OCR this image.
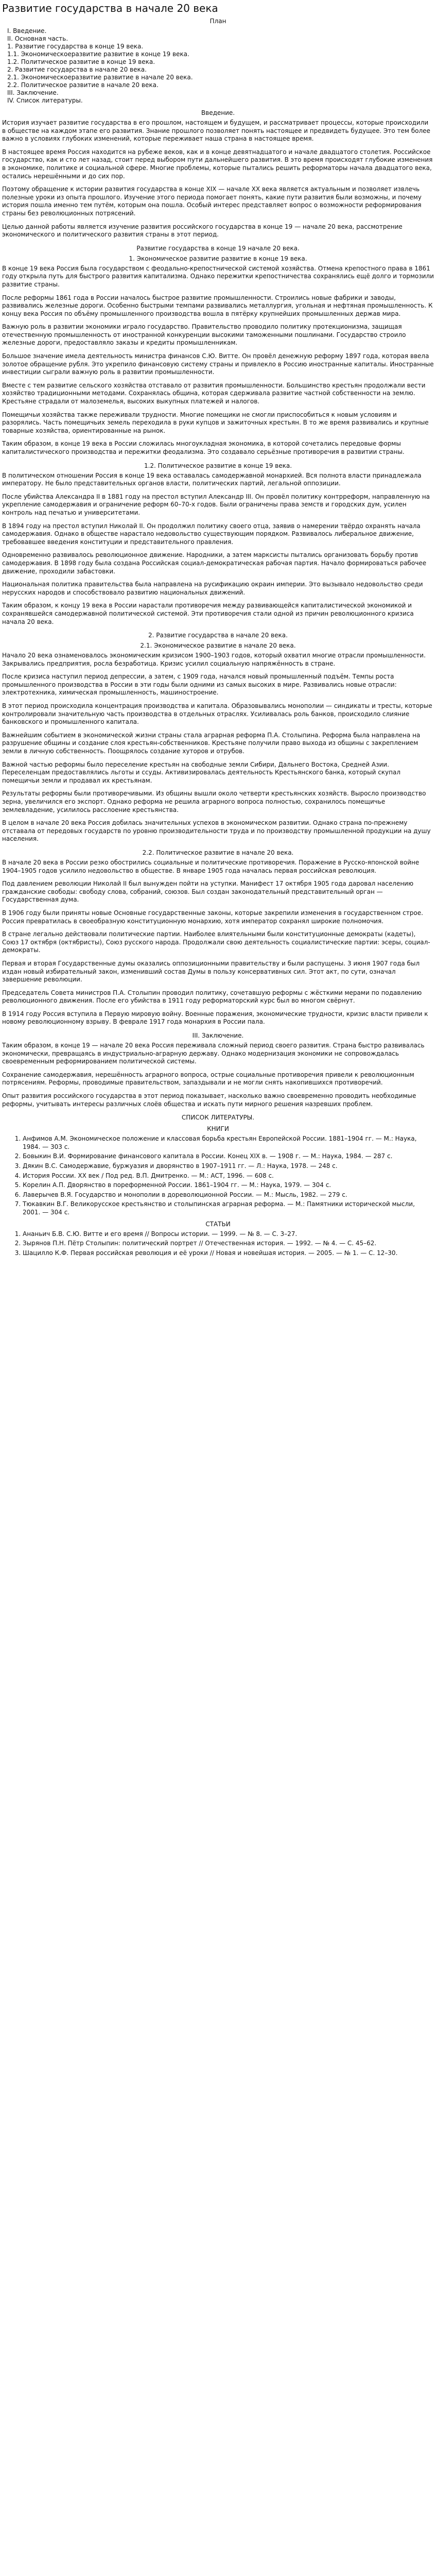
Развитие государства в начале 20 века
План
I. Введение.
II. Основная часть.
1. Развитие государства в конце 19 века.
1.1. Экономическоеразвитие развитие в конце 19 века.
1.2. Политическое развитие в конце 19 века.
2. Развитие государства в начале 20 века.
2.1. Экономическоеразвитие развитие в начале 20 века.
2.2. Политическое развитие в начале 20 века.
III. Заключение.
IV. Список литературы.
Введение.

История изучает развитие государства в его прошлом, настоящем и будущем, и рассматривает процессы, которые происходили в обществе на каждом этапе его развития. Знание прошлого позволяет понять настоящее и предвидеть будущее. Это тем более важно в условиях глубоких изменений, которые переживает наша страна в настоящее время.

В настоящее время Россия находится на рубеже веков, как и в конце девятнадцатого и начале двадцатого столетия. Российское государство, как и сто лет назад, стоит перед выбором пути дальнейшего развития. В это время происходят глубокие изменения в экономике, политике и социальной сфере. Многие проблемы, которые пытались решить реформаторы начала двадцатого века, остались нерешёнными и до сих пор.

Поэтому обращение к истории развития государства в конце XIX — начале XX века является актуальным и позволяет извлечь полезные уроки из опыта прошлого. Изучение этого периода помогает понять, какие пути развития были возможны, и почему история пошла именно тем путём, которым она пошла. Особый интерес представляет вопрос о возможности реформирования страны без революционных потрясений.

Целью данной работы является изучение развития российского государства в конце 19 — начале 20 века, рассмотрение экономического и политического развития страны в этот период.

Развитие государства в конце 19 начале 20 века.
1. Экономическое развитие развитие в конце 19 века.

В конце 19 века Россия была государством с феодально-крепостнической системой хозяйства. Отмена крепостного права в 1861 году открыла путь для быстрого развития капитализма. Однако пережитки крепостничества сохранялись ещё долго и тормозили развитие страны.

После реформы 1861 года в России началось быстрое развитие промышленности. Строились новые фабрики и заводы, развивались железные дороги. Особенно быстрыми темпами развивались металлургия, угольная и нефтяная промышленность. К концу века Россия по объёму промышленного производства вошла в пятёрку крупнейших промышленных держав мира.

Важную роль в развитии экономики играло государство. Правительство проводило политику протекционизма, защищая отечественную промышленность от иностранной конкуренции высокими таможенными пошлинами. Государство строило железные дороги, предоставляло заказы и кредиты промышленникам.

Большое значение имела деятельность министра финансов С.Ю. Витте. Он провёл денежную реформу 1897 года, которая ввела золотое обращение рубля. Это укрепило финансовую систему страны и привлекло в Россию иностранные капиталы. Иностранные инвестиции сыграли важную роль в развитии промышленности.

Вместе с тем развитие сельского хозяйства отставало от развития промышленности. Большинство крестьян продолжали вести хозяйство традиционными методами. Сохранялась община, которая сдерживала развитие частной собственности на землю. Крестьяне страдали от малоземелья, высоких выкупных платежей и налогов.

Помещичьи хозяйства также переживали трудности. Многие помещики не смогли приспособиться к новым условиям и разорялись. Часть помещичьих земель переходила в руки купцов и зажиточных крестьян. В то же время развивались и крупные товарные хозяйства, ориентированные на рынок.

Таким образом, в конце 19 века в России сложилась многоукладная экономика, в которой сочетались передовые формы капиталистического производства и пережитки феодализма. Это создавало серьёзные противоречия в развитии страны.

1.2. Политическое развитие в конце 19 века.

В политическом отношении Россия в конце 19 века оставалась самодержавной монархией. Вся полнота власти принадлежала императору. Не было представительных органов власти, политических партий, легальной оппозиции.

После убийства Александра II в 1881 году на престол вступил Александр III. Он провёл политику контрреформ, направленную на укрепление самодержавия и ограничение реформ 60–70-х годов. Были ограничены права земств и городских дум, усилен контроль над печатью и университетами.

В 1894 году на престол вступил Николай II. Он продолжил политику своего отца, заявив о намерении твёрдо охранять начала самодержавия. Однако в обществе нарастало недовольство существующим порядком. Развивалось либеральное движение, требовавшее введения конституции и представительного правления.

Одновременно развивалось революционное движение. Народники, а затем марксисты пытались организовать борьбу против самодержавия. В 1898 году была создана Российская социал-демократическая рабочая партия. Начало формироваться рабочее движение, проходили забастовки.

Национальная политика правительства была направлена на русификацию окраин империи. Это вызывало недовольство среди нерусских народов и способствовало развитию национальных движений.

Таким образом, к концу 19 века в России нарастали противоречия между развивающейся капиталистической экономикой и сохранявшейся самодержавной политической системой. Эти противоречия стали одной из причин революционного кризиса начала 20 века.

2. Развитие государства в начале 20 века.
2.1. Экономическое развитие в начале 20 века.

Начало 20 века ознаменовалось экономическим кризисом 1900–1903 годов, который охватил многие отрасли промышленности. Закрывались предприятия, росла безработица. Кризис усилил социальную напряжённость в стране.

После кризиса наступил период депрессии, а затем, с 1909 года, начался новый промышленный подъём. Темпы роста промышленного производства в России в эти годы были одними из самых высоких в мире. Развивались новые отрасли: электротехника, химическая промышленность, машиностроение.

В этот период происходила концентрация производства и капитала. Образовывались монополии — синдикаты и тресты, которые контролировали значительную часть производства в отдельных отраслях. Усиливалась роль банков, происходило слияние банковского и промышленного капитала.

Важнейшим событием в экономической жизни страны стала аграрная реформа П.А. Столыпина. Реформа была направлена на разрушение общины и создание слоя крестьян-собственников. Крестьяне получили право выхода из общины с закреплением земли в личную собственность. Поощрялось создание хуторов и отрубов.

Важной частью реформы было переселение крестьян на свободные земли Сибири, Дальнего Востока, Средней Азии. Переселенцам предоставлялись льготы и ссуды. Активизировалась деятельность Крестьянского банка, который скупал помещичьи земли и продавал их крестьянам.

Результаты реформы были противоречивыми. Из общины вышли около четверти крестьянских хозяйств. Выросло производство зерна, увеличился его экспорт. Однако реформа не решила аграрного вопроса полностью, сохранилось помещичье землевладение, усилилось расслоение крестьянства.

В целом в начале 20 века Россия добилась значительных успехов в экономическом развитии. Однако страна по-прежнему отставала от передовых государств по уровню производительности труда и по производству промышленной продукции на душу населения.

2.2. Политическое развитие в начале 20 века.

В начале 20 века в России резко обострились социальные и политические противоречия. Поражение в Русско-японской войне 1904–1905 годов усилило недовольство в обществе. В январе 1905 года началась первая российская революция.

Под давлением революции Николай II был вынужден пойти на уступки. Манифест 17 октября 1905 года даровал населению гражданские свободы: свободу слова, собраний, союзов. Был создан законодательный представительный орган — Государственная дума.

В 1906 году были приняты новые Основные государственные законы, которые закрепили изменения в государственном строе. Россия превратилась в своеобразную конституционную монархию, хотя император сохранял широкие полномочия.

В стране легально действовали политические партии. Наиболее влиятельными были конституционные демократы (кадеты), Союз 17 октября (октябристы), Союз русского народа. Продолжали свою деятельность социалистические партии: эсеры, социал-демократы.

Первая и вторая Государственные думы оказались оппозиционными правительству и были распущены. 3 июня 1907 года был издан новый избирательный закон, изменивший состав Думы в пользу консервативных сил. Этот акт, по сути, означал завершение революции.

Председатель Совета министров П.А. Столыпин проводил политику, сочетавшую реформы с жёсткими мерами по подавлению революционного движения. После его убийства в 1911 году реформаторский курс был во многом свёрнут.

В 1914 году Россия вступила в Первую мировую войну. Военные поражения, экономические трудности, кризис власти привели к новому революционному взрыву. В феврале 1917 года монархия в России пала.

III. Заключение.

Таким образом, в конце 19 — начале 20 века Россия переживала сложный период своего развития. Страна быстро развивалась экономически, превращаясь в индустриально-аграрную державу. Однако модернизация экономики не сопровождалась своевременным реформированием политической системы.

Сохранение самодержавия, нерешённость аграрного вопроса, острые социальные противоречия привели к революционным потрясениям. Реформы, проводимые правительством, запаздывали и не могли снять накопившихся противоречий.

Опыт развития российского государства в этот период показывает, насколько важно своевременно проводить необходимые реформы, учитывать интересы различных слоёв общества и искать пути мирного решения назревших проблем.

СПИСОК ЛИТЕРАТУРЫ.
КНИГИ
1. Анфимов А.М. Экономическое положение и классовая борьба крестьян Европейской России. 1881–1904 гг. — М.: Наука, 1984. — 303 с.
2. Бовыкин В.И. Формирование финансового капитала в России. Конец XIX в. — 1908 г. — М.: Наука, 1984. — 287 с.
3. Дякин В.С. Самодержавие, буржуазия и дворянство в 1907–1911 гг. — Л.: Наука, 1978. — 248 с.
4. История России. XX век / Под ред. В.П. Дмитренко. — М.: АСТ, 1996. — 608 с.
5. Корелин А.П. Дворянство в пореформенной России. 1861–1904 гг. — М.: Наука, 1979. — 304 с.
6. Лаверычев В.Я. Государство и монополии в дореволюционной России. — М.: Мысль, 1982. — 279 с.
7. Тюкавкин В.Г. Великорусское крестьянство и столыпинская аграрная реформа. — М.: Памятники исторической мысли, 2001. — 304 с.
СТАТЬИ
1. Ананьич Б.В. С.Ю. Витте и его время // Вопросы истории. — 1999. — № 8. — С. 3–27.
2. Зырянов П.Н. Пётр Столыпин: политический портрет // Отечественная история. — 1992. — № 4. — С. 45–62.
3. Шацилло К.Ф. Первая российская революция и её уроки // Новая и новейшая история. — 2005. — № 1. — С. 12–30.
